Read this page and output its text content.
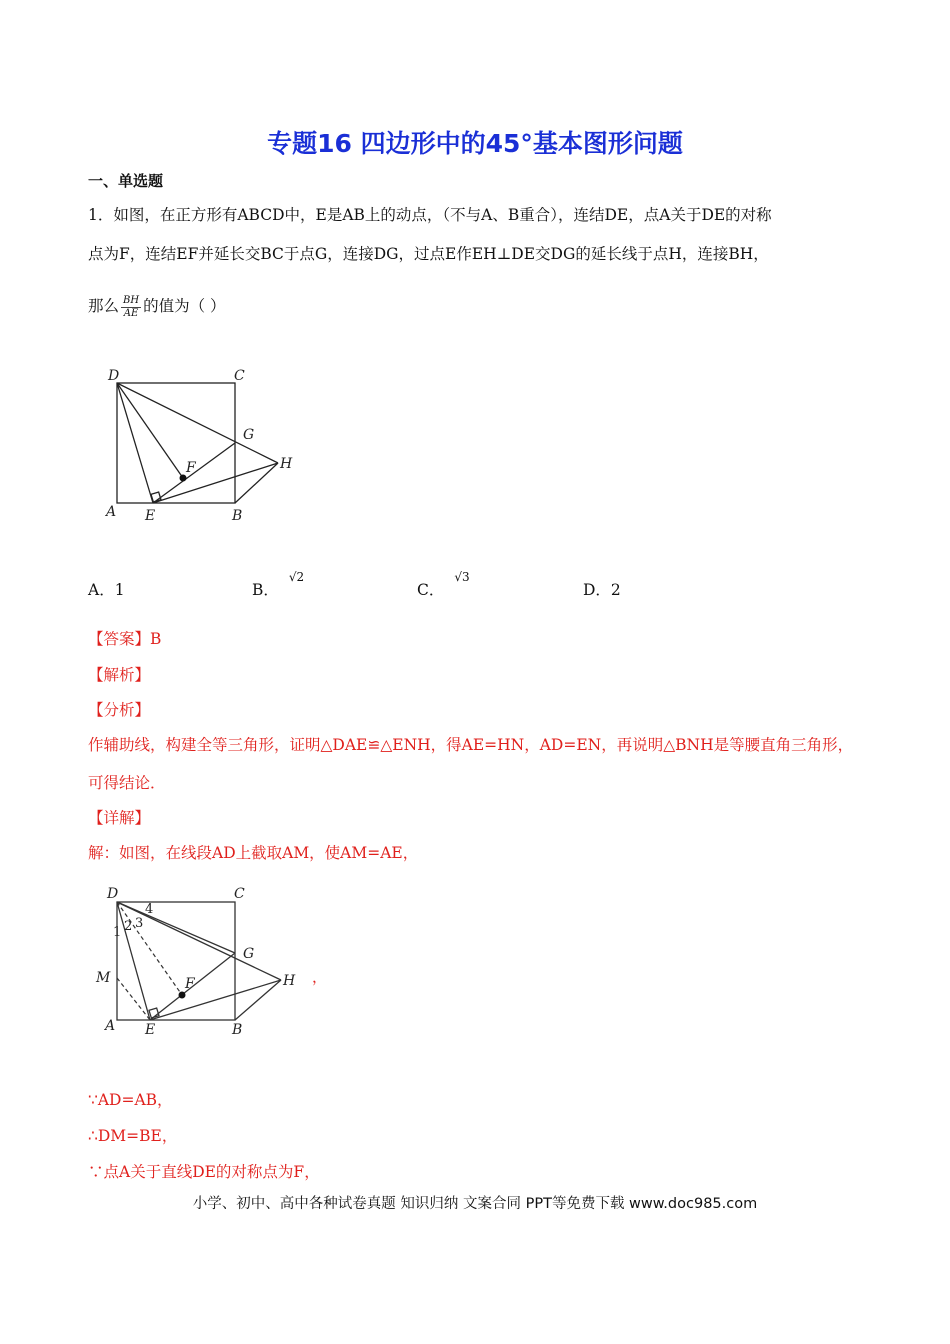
专题16 四边形中的45°基本图形问题
一、单选题
1．如图，在正方形有ABCD中，E是AB上的动点，（不与A、B重合），连结DE，点A关于DE的对称
点为F，连结EF并延长交BC于点G，连接DG，过点E作EH⊥DE交DG的延长线于点H，连接BH，
那么 $\frac{BH}{AE}$ 的值为（ ）
D	C
G
H
F
A E	B
A．1	B．$^{√2}$
C．$^{√3}$
D．2
【答案】B
【解析】
【分析】
作辅助线，构建全等三角形，证明△DAE≌△ENH，得AE=HN，AD=EN，再说明△BNH是等腰直角三角形，
可得结论．
【详解】
解：如图，在线段AD上截取AM，使AM=AE，
D	C
G
H
F
M
A E	B
1 2 3
4
，
∵AD=AB，
∴DM=BE，
∵点A关于直线DE的对称点为F，
小学、初中、高中各种试卷真题 知识归纳 文案合同 PPT等免费下载 www.doc985.com
